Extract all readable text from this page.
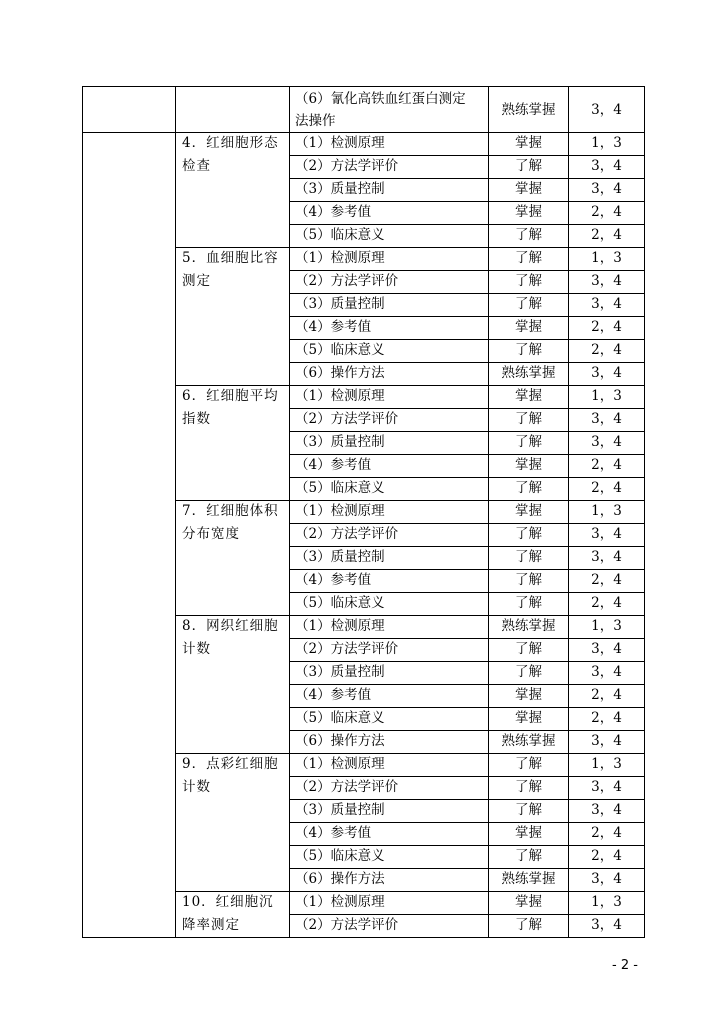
（6）氰化高铁血红蛋白测定
法操作
熟练掌握	3，4
4．红细胞形态检查
（1）检测原理	掌握	1，3
（2）方法学评价	了解	3，4
（3）质量控制	掌握	3，4
（4）参考值	掌握	2，4
（5）临床意义	了解	2，4
5．血细胞比容测定
（1）检测原理	了解	1，3
（2）方法学评价	了解	3，4
（3）质量控制	了解	3，4
（4）参考值	掌握	2，4
（5）临床意义	了解	2，4
（6）操作方法	熟练掌握	3，4
6．红细胞平均指数
（1）检测原理	掌握	1，3
（2）方法学评价	了解	3，4
（3）质量控制	了解	3，4
（4）参考值	掌握	2，4
（5）临床意义	了解	2，4
7．红细胞体积分布宽度
（1）检测原理	掌握	1，3
（2）方法学评价	了解	3，4
（3）质量控制	了解	3，4
（4）参考值	了解	2，4
（5）临床意义	了解	2，4
8．网织红细胞计数
（1）检测原理	熟练掌握	1，3
（2）方法学评价	了解	3，4
（3）质量控制	了解	3，4
（4）参考值	掌握	2，4
（5）临床意义	掌握	2，4
（6）操作方法	熟练掌握	3，4
9．点彩红细胞计数
（1）检测原理	了解	1，3
（2）方法学评价	了解	3，4
（3）质量控制	了解	3，4
（4）参考值	掌握	2，4
（5）临床意义	了解	2，4
（6）操作方法	熟练掌握	3，4
10．红细胞沉降率测定
（1）检测原理	掌握	1，3
（2）方法学评价	了解	3，4
- 2 -
